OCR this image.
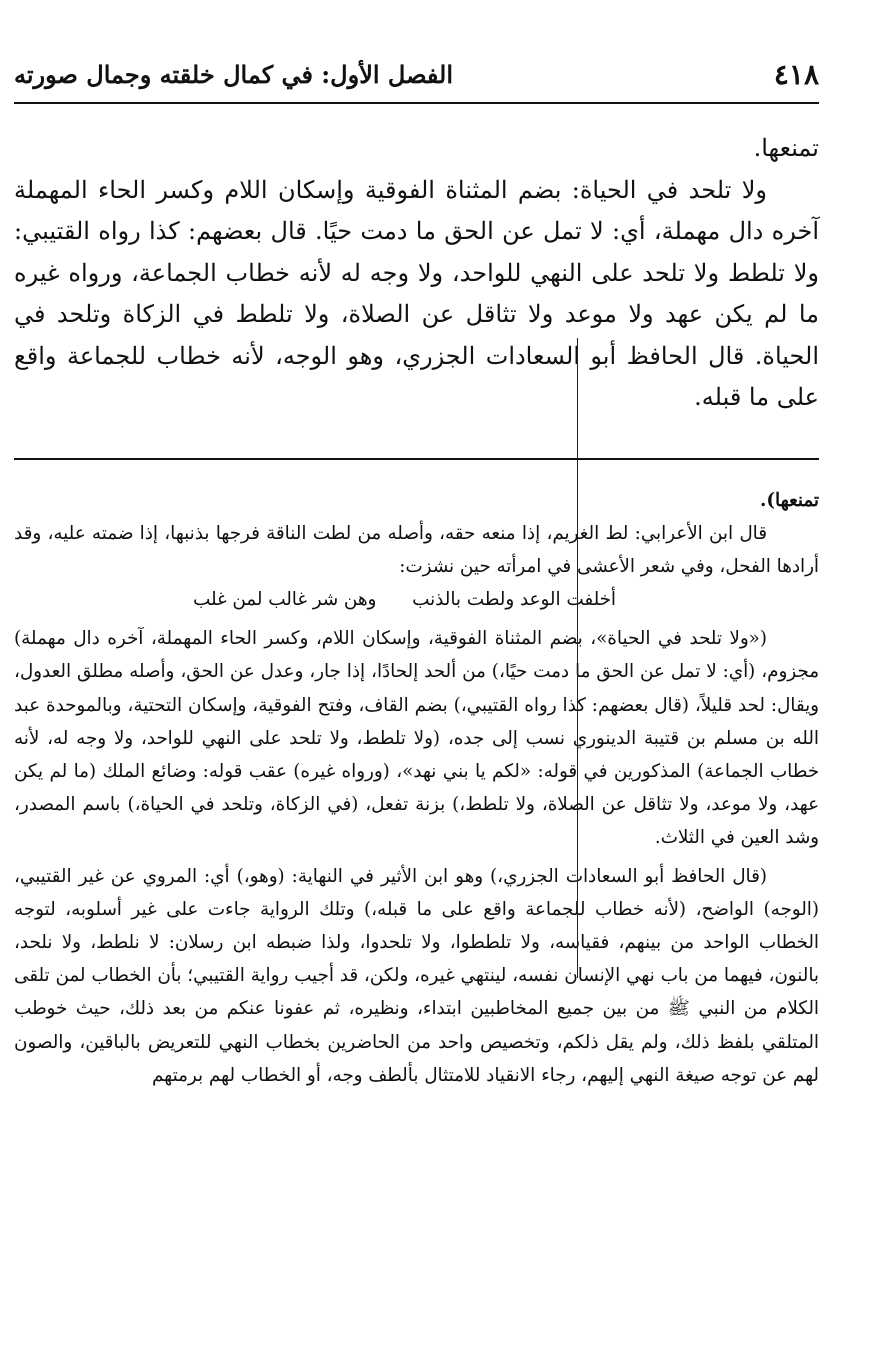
٤١٨
الفصل الأول: في كمال خلقته وجمال صورته

تمنعها.

ولا تلحد في الحياة: بضم المثناة الفوقية وإسكان اللام وكسر الحاء المهملة آخره دال مهملة، أي: لا تمل عن الحق ما دمت حيًا. قال بعضهم: كذا رواه القتيبي: ولا تلطط ولا تلحد على النهي للواحد، ولا وجه له لأنه خطاب الجماعة، ورواه غيره ما لم يكن عهد ولا موعد ولا تثاقل عن الصلاة، ولا تلطط في الزكاة وتلحد في الحياة. قال الحافظ أبو السعادات الجزري، وهو الوجه، لأنه خطاب للجماعة واقع على ما قبله.

تمنعها).

قال ابن الأعرابي: لط الغريم، إذا منعه حقه، وأصله من لطت الناقة فرجها بذنبها، إذا ضمته عليه، وقد أرادها الفحل، وفي شعر الأعشى في امرأته حين نشزت:

أخلفت الوعد ولطت بالذنب وهن شر غالب لمن غلب

(«ولا تلحد في الحياة»، بضم المثناة الفوقية، وإسكان اللام، وكسر الحاء المهملة، آخره دال مهملة) مجزوم، (أي: لا تمل عن الحق ما دمت حيًا،) من ألحد إلحادًا، إذا جار، وعدل عن الحق، وأصله مطلق العدول، ويقال: لحد قليلاً، (قال بعضهم: كذا رواه القتيبي،) بضم القاف، وفتح الفوقية، وإسكان التحتية، وبالموحدة عبد الله بن مسلم بن قتيبة الدينوري نسب إلى جده، (ولا تلطط، ولا تلحد على النهي للواحد، ولا وجه له، لأنه خطاب الجماعة) المذكورين في قوله: «لكم يا بني نهد»، (ورواه غيره) عقب قوله: وضائع الملك (ما لم يكن عهد، ولا موعد، ولا تثاقل عن الصلاة، ولا تلطط،) بزنة تفعل، (في الزكاة، وتلحد في الحياة،) باسم المصدر، وشد العين في الثلاث.

(قال الحافظ أبو السعادات الجزري،) وهو ابن الأثير في النهاية: (وهو،) أي: المروي عن غير القتيبي، (الوجه) الواضح، (لأنه خطاب للجماعة واقع على ما قبله،) وتلك الرواية جاءت على غير أسلوبه، لتوجه الخطاب الواحد من بينهم، فقياسه، ولا تلططوا، ولا تلحدوا، ولذا ضبطه ابن رسلان: لا نلطط، ولا نلحد، بالنون، فيهما من باب نهي الإنسان نفسه، لينتهي غيره، ولكن، قد أجيب رواية القتيبي؛ بأن الخطاب لمن تلقى الكلام من النبي ﷺ من بين جميع المخاطبين ابتداء، ونظيره، ثم عفونا عنكم من بعد ذلك، حيث خوطب المتلقي بلفظ ذلك، ولم يقل ذلكم، وتخصيص واحد من الحاضرين بخطاب النهي للتعريض بالباقين، والصون لهم عن توجه صيغة النهي إليهم، رجاء الانقياد للامتثال بألطف وجه، أو الخطاب لهم برمتهم
